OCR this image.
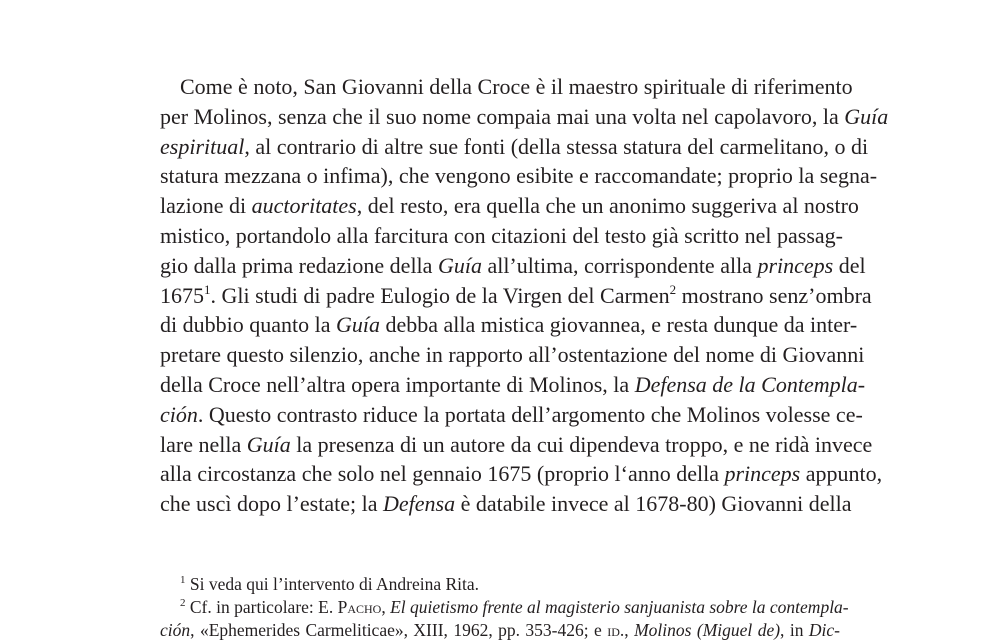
Come è noto, San Giovanni della Croce è il maestro spirituale di riferimento
per Molinos, senza che il suo nome compaia mai una volta nel capolavoro, la Guía
espiritual, al contrario di altre sue fonti (della stessa statura del carmelitano, o di
statura mezzana o infima), che vengono esibite e raccomandate; proprio la segna-
lazione di auctoritates, del resto, era quella che un anonimo suggeriva al nostro
mistico, portandolo alla farcitura con citazioni del testo già scritto nel passag-
gio dalla prima redazione della Guía all’ultima, corrispondente alla princeps del
1675$^1$. Gli studi di padre Eulogio de la Virgen del Carmen$^2$ mostrano senz’ombra
di dubbio quanto la Guía debba alla mistica giovannea, e resta dunque da inter-
pretare questo silenzio, anche in rapporto all’ostentazione del nome di Giovanni
della Croce nell’altra opera importante di Molinos, la Defensa de la Contempla-
ción. Questo contrasto riduce la portata dell’argomento che Molinos volesse ce-
lare nella Guía la presenza di un autore da cui dipendeva troppo, e ne ridà invece
alla circostanza che solo nel gennaio 1675 (proprio l‘anno della princeps appunto,
che uscì dopo l’estate; la Defensa è databile invece al 1678-80) Giovanni della
$^1$ Si veda qui l’intervento di Andreina Rita.
$^2$ Cf. in particolare: E. Pacho, El quietismo frente al magisterio sanjuanista sobre la contempla-
ción, «Ephemerides Carmeliticae», XIII, 1962, pp. 353-426; e id., Molinos (Miguel de), in Dic-
